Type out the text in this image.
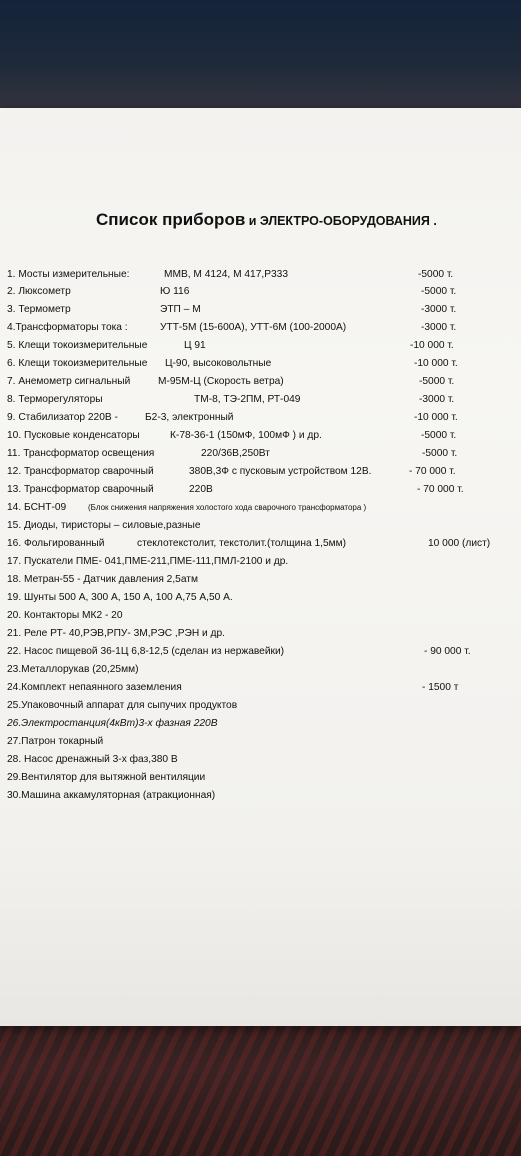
Список приборов и ЭЛЕКТРО-ОБОРУДОВАНИЯ .
1. Мосты измерительные:	ММВ, М 4124, М 417,Р333	-5000 т.
2. Люксометр	Ю 116	-5000 т.
3. Термометр	ЭТП – М	-3000 т.
4.Трансформаторы тока :	УТТ-5М (15-600А), УТТ-6М (100-2000А)	-3000 т.
5. Клещи токоизмерительные	Ц 91	-10 000 т.
6. Клещи токоизмерительные Ц-90, высоковольтные	-10 000 т.
7. Анемометр сигнальный	М-95М-Ц (Скорость ветра)	-5000 т.
8. Терморегуляторы	ТМ-8, ТЭ-2ПМ, РТ-049	-3000 т.
9. Стабилизатор 220В -	Б2-3, электронный	-10 000 т.
10. Пусковые конденсаторы	К-78-36-1 (150мФ, 100мФ ) и др.	-5000 т.
11. Трансформатор освещения	220/36В,250Вт	-5000 т.
12. Трансформатор сварочный	380В,3Ф с пусковым устройством 12В.	- 70 000 т.
13. Трансформатор сварочный	220В	- 70 000 т.
14. БСНТ-09	(Блок снижения напряжения холостого хода сварочного трансформатора )
15. Диоды, тиристоры – силовые,разные
16. Фольгированный	стеклотекстолит, текстолит.(толщина 1,5мм)	10 000 (лист)
17. Пускатели ПМЕ- 041,ПМЕ-211,ПМЕ-111,ПМЛ-2100 и др.
18. Метран-55 - Датчик давления 2,5атм
19. Шунты 500 А, 300 А, 150 А, 100 А,75 А,50 А.
20. Контакторы МК2 - 20
21. Реле РТ- 40,РЭВ,РПУ- 3М,РЭС ,РЭН и др.
22. Насос пищевой 36-1Ц 6,8-12,5 (сделан из нержавейки)	- 90 000 т.
23.Металлорукав (20,25мм)
24.Комплект непаянного заземления	- 1500 т
25.Упаковочный аппарат для сыпучих продуктов
26.Электростанция(4кВт)3-х фазная 220В
27.Патрон токарный
28. Насос дренажный 3-х фаз,380 В
29.Вентилятор для вытяжной вентиляции
30.Машина аккамуляторная (атракционная)
